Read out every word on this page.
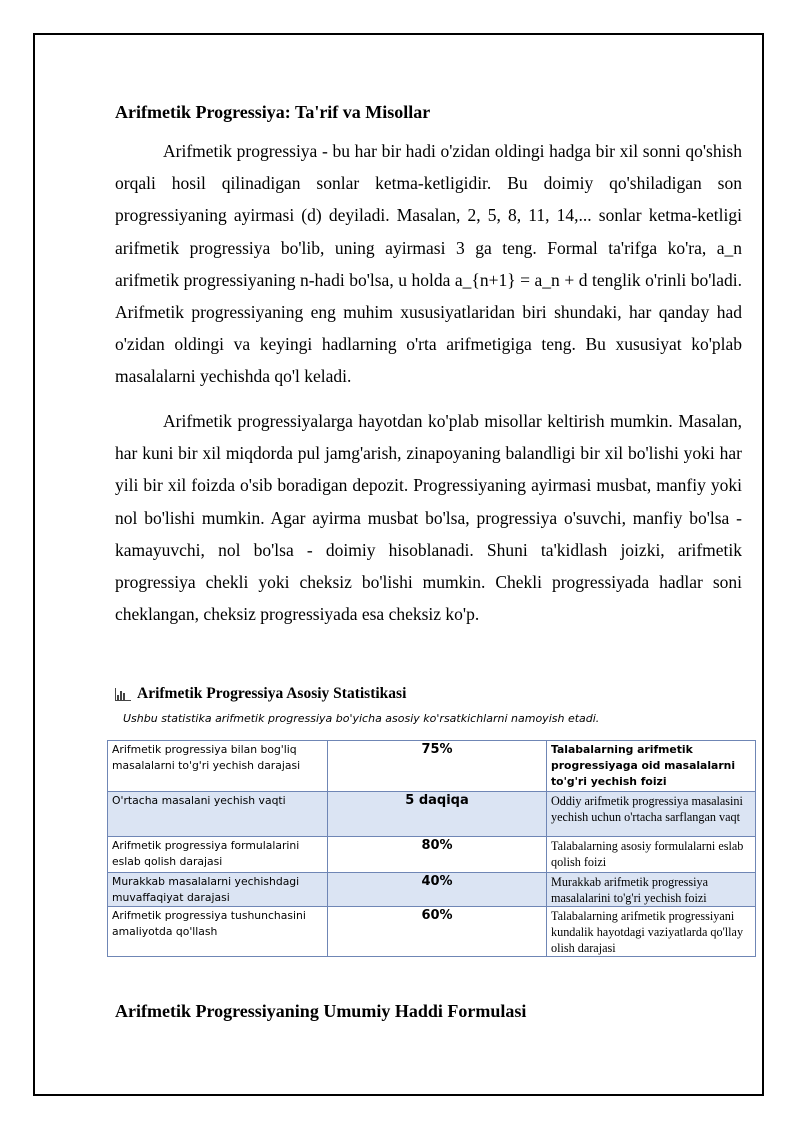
Arifmetik Progressiya: Ta'rif va Misollar

Arifmetik progressiya - bu har bir hadi o'zidan oldingi hadga bir xil sonni qo'shish orqali hosil qilinadigan sonlar ketma-ketligidir. Bu doimiy qo'shiladigan son progressiyaning ayirmasi (d) deyiladi. Masalan, 2, 5, 8, 11, 14,... sonlar ketma-ketligi arifmetik progressiya bo'lib, uning ayirmasi 3 ga teng. Formal ta'rifga ko'ra, a_n arifmetik progressiyaning n-hadi bo'lsa, u holda a_{n+1} = a_n + d tenglik o'rinli bo'ladi. Arifmetik progressiyaning eng muhim xususiyatlaridan biri shundaki, har qanday had o'zidan oldingi va keyingi hadlarning o'rta arifmetigiga teng. Bu xususiyat ko'plab masalalarni yechishda qo'l keladi.

Arifmetik progressiyalarga hayotdan ko'plab misollar keltirish mumkin. Masalan, har kuni bir xil miqdorda pul jamg'arish, zinapoyaning balandligi bir xil bo'lishi yoki har yili bir xil foizda o'sib boradigan depozit. Progressiyaning ayirmasi musbat, manfiy yoki nol bo'lishi mumkin. Agar ayirma musbat bo'lsa, progressiya o'suvchi, manfiy bo'lsa - kamayuvchi, nol bo'lsa - doimiy hisoblanadi. Shuni ta'kidlash joizki, arifmetik progressiya chekli yoki cheksiz bo'lishi mumkin. Chekli progressiyada hadlar soni cheklangan, cheksiz progressiyada esa cheksiz ko'p.

Arifmetik Progressiya Asosiy Statistikasi
Ushbu statistika arifmetik progressiya bo'yicha asosiy ko'rsatkichlarni namoyish etadi.
Arifmetik progressiya bilan bog'liq masalalarni to'g'ri yechish darajasi	75%	Talabalarning arifmetik progressiyaga oid masalalarni to'g'ri yechish foizi
O'rtacha masalani yechish vaqti	5 daqiqa	Oddiy arifmetik progressiya masalasini yechish uchun o'rtacha sarflangan vaqt
Arifmetik progressiya formulalarini eslab qolish darajasi	80%	Talabalarning asosiy formulalarni eslab qolish foizi
Murakkab masalalarni yechishdagi muvaffaqiyat darajasi	40%	Murakkab arifmetik progressiya masalalarini to'g'ri yechish foizi
Arifmetik progressiya tushunchasini amaliyotda qo'llash	60%	Talabalarning arifmetik progressiyani kundalik hayotdagi vaziyatlarda qo'llay olish darajasi
Arifmetik Progressiyaning Umumiy Haddi Formulasi
